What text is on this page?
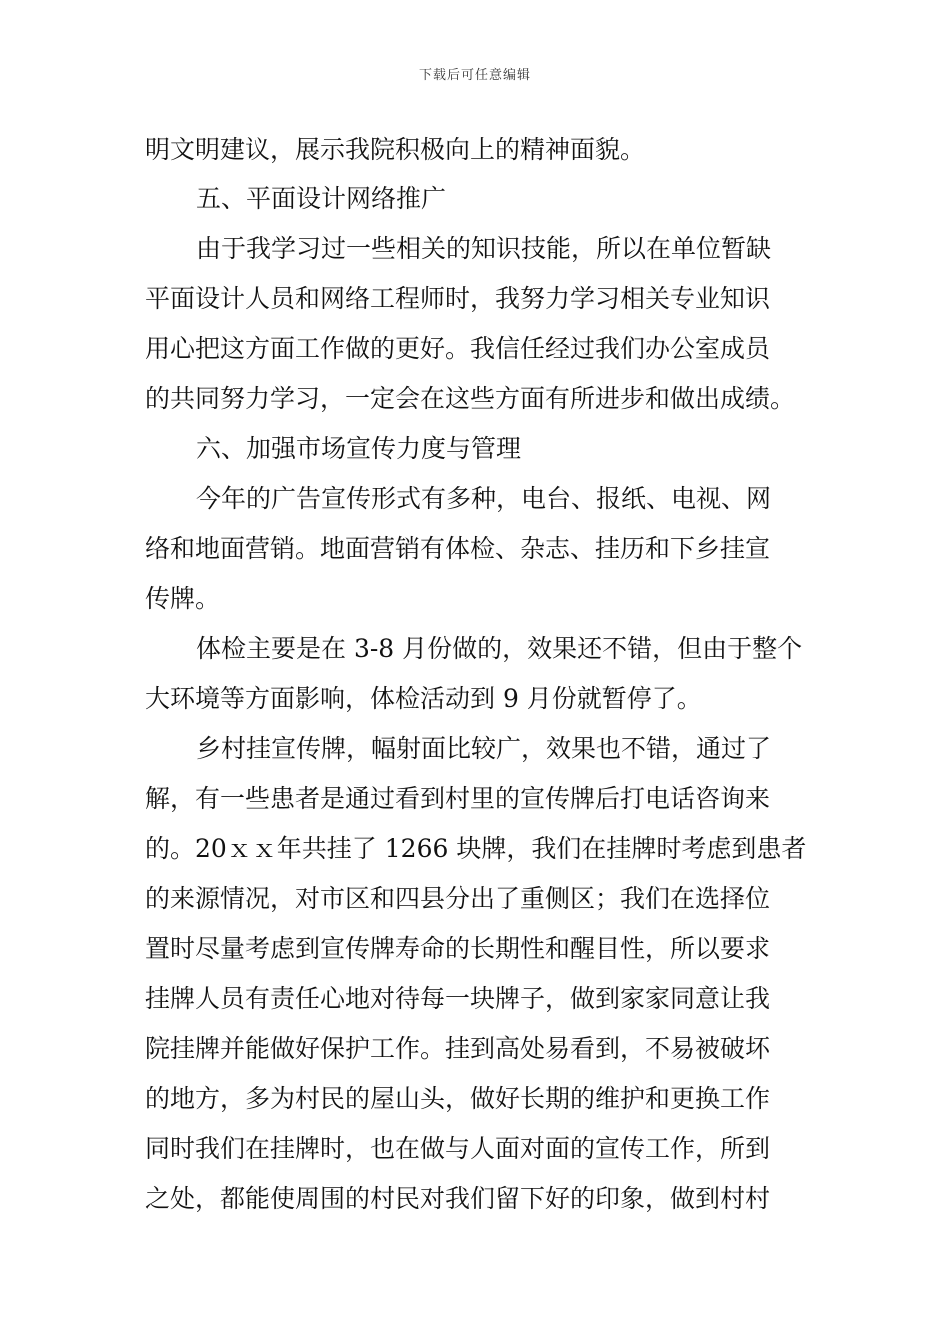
下载后可任意编辑
明文明建议，展示我院积极向上的精神面貌。
五、平面设计网络推广
由于我学习过一些相关的知识技能，所以在单位暂缺
平面设计人员和网络工程师时，我努力学习相关专业知识
用心把这方面工作做的更好。我信任经过我们办公室成员
的共同努力学习，一定会在这些方面有所进步和做出成绩。
六、加强市场宣传力度与管理
今年的广告宣传形式有多种，电台、报纸、电视、网
络和地面营销。地面营销有体检、杂志、挂历和下乡挂宣
传牌。
体检主要是在 3-8 月份做的，效果还不错，但由于整个
大环境等方面影响，体检活动到 9 月份就暂停了。
乡村挂宣传牌，幅射面比较广，效果也不错，通过了
解，有一些患者是通过看到村里的宣传牌后打电话咨询来
的。20ｘｘ年共挂了 1266 块牌，我们在挂牌时考虑到患者
的来源情况，对市区和四县分出了重侧区；我们在选择位
置时尽量考虑到宣传牌寿命的长期性和醒目性，所以要求
挂牌人员有责任心地对待每一块牌子，做到家家同意让我
院挂牌并能做好保护工作。挂到高处易看到，不易被破坏
的地方，多为村民的屋山头，做好长期的维护和更换工作
同时我们在挂牌时，也在做与人面对面的宣传工作，所到
之处，都能使周围的村民对我们留下好的印象，做到村村
